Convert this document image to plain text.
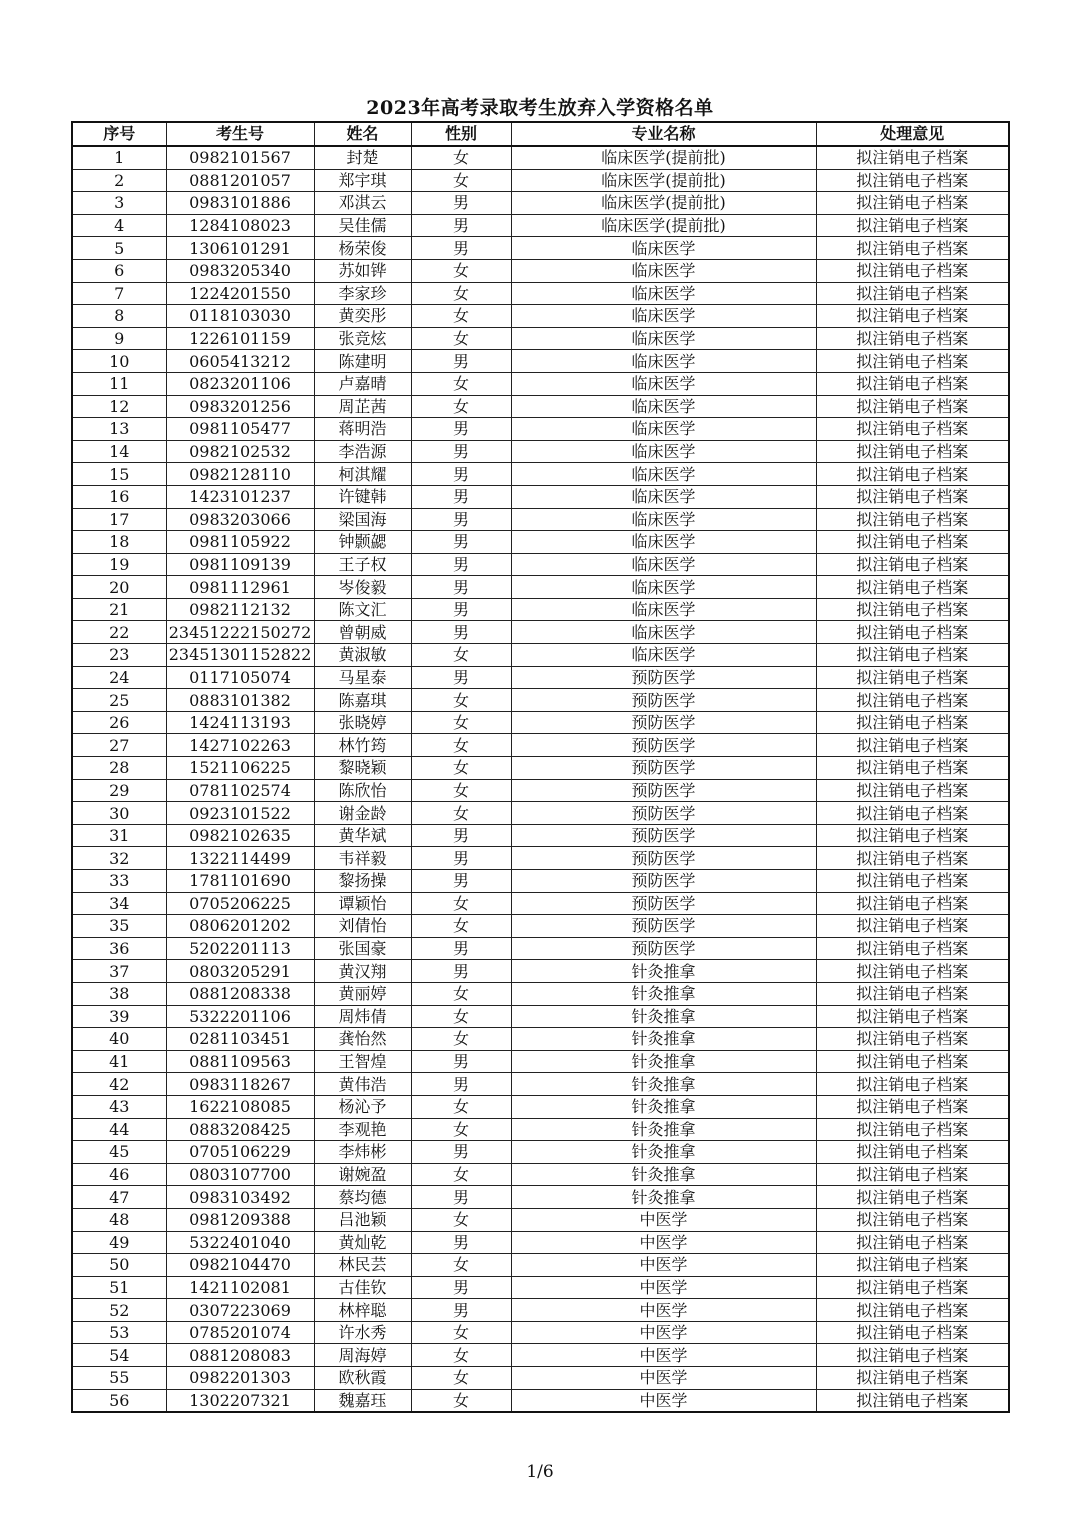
2023年高考录取考生放弃入学资格名单
序号	考生号	姓名	性别	专业名称	处理意见
1	0982101567	封楚	女	临床医学(提前批)	拟注销电子档案
2	0881201057	郑宇琪	女	临床医学(提前批)	拟注销电子档案
3	0983101886	邓淇云	男	临床医学(提前批)	拟注销电子档案
4	1284108023	吴佳儒	男	临床医学(提前批)	拟注销电子档案
5	1306101291	杨荣俊	男	临床医学	拟注销电子档案
6	0983205340	苏如铧	女	临床医学	拟注销电子档案
7	1224201550	李家珍	女	临床医学	拟注销电子档案
8	0118103030	黄奕彤	女	临床医学	拟注销电子档案
9	1226101159	张竞炫	女	临床医学	拟注销电子档案
10	0605413212	陈建明	男	临床医学	拟注销电子档案
11	0823201106	卢嘉晴	女	临床医学	拟注销电子档案
12	0983201256	周芷茜	女	临床医学	拟注销电子档案
13	0981105477	蒋明浩	男	临床医学	拟注销电子档案
14	0982102532	李浩源	男	临床医学	拟注销电子档案
15	0982128110	柯淇耀	男	临床医学	拟注销电子档案
16	1423101237	许键韩	男	临床医学	拟注销电子档案
17	0983203066	梁国海	男	临床医学	拟注销电子档案
18	0981105922	钟颢勰	男	临床医学	拟注销电子档案
19	0981109139	王子权	男	临床医学	拟注销电子档案
20	0981112961	岑俊毅	男	临床医学	拟注销电子档案
21	0982112132	陈文汇	男	临床医学	拟注销电子档案
22	23451222150272	曾朝威	男	临床医学	拟注销电子档案
23	23451301152822	黄淑敏	女	临床医学	拟注销电子档案
24	0117105074	马星泰	男	预防医学	拟注销电子档案
25	0883101382	陈嘉琪	女	预防医学	拟注销电子档案
26	1424113193	张晓婷	女	预防医学	拟注销电子档案
27	1427102263	林竹筠	女	预防医学	拟注销电子档案
28	1521106225	黎晓颖	女	预防医学	拟注销电子档案
29	0781102574	陈欣怡	女	预防医学	拟注销电子档案
30	0923101522	谢金龄	女	预防医学	拟注销电子档案
31	0982102635	黄华斌	男	预防医学	拟注销电子档案
32	1322114499	韦祥毅	男	预防医学	拟注销电子档案
33	1781101690	黎扬操	男	预防医学	拟注销电子档案
34	0705206225	谭颖怡	女	预防医学	拟注销电子档案
35	0806201202	刘倩怡	女	预防医学	拟注销电子档案
36	5202201113	张国豪	男	预防医学	拟注销电子档案
37	0803205291	黄汉翔	男	针灸推拿	拟注销电子档案
38	0881208338	黄丽婷	女	针灸推拿	拟注销电子档案
39	5322201106	周炜倩	女	针灸推拿	拟注销电子档案
40	0281103451	龚怡然	女	针灸推拿	拟注销电子档案
41	0881109563	王智煌	男	针灸推拿	拟注销电子档案
42	0983118267	黄伟浩	男	针灸推拿	拟注销电子档案
43	1622108085	杨沁予	女	针灸推拿	拟注销电子档案
44	0883208425	李观艳	女	针灸推拿	拟注销电子档案
45	0705106229	李炜彬	男	针灸推拿	拟注销电子档案
46	0803107700	谢婉盈	女	针灸推拿	拟注销电子档案
47	0983103492	蔡均德	男	针灸推拿	拟注销电子档案
48	0981209388	吕池颖	女	中医学	拟注销电子档案
49	5322401040	黄灿乾	男	中医学	拟注销电子档案
50	0982104470	林民芸	女	中医学	拟注销电子档案
51	1421102081	古佳钦	男	中医学	拟注销电子档案
52	0307223069	林梓聪	男	中医学	拟注销电子档案
53	0785201074	许水秀	女	中医学	拟注销电子档案
54	0881208083	周海婷	女	中医学	拟注销电子档案
55	0982201303	欧秋霞	女	中医学	拟注销电子档案
56	1302207321	魏嘉珏	女	中医学	拟注销电子档案
1/6
